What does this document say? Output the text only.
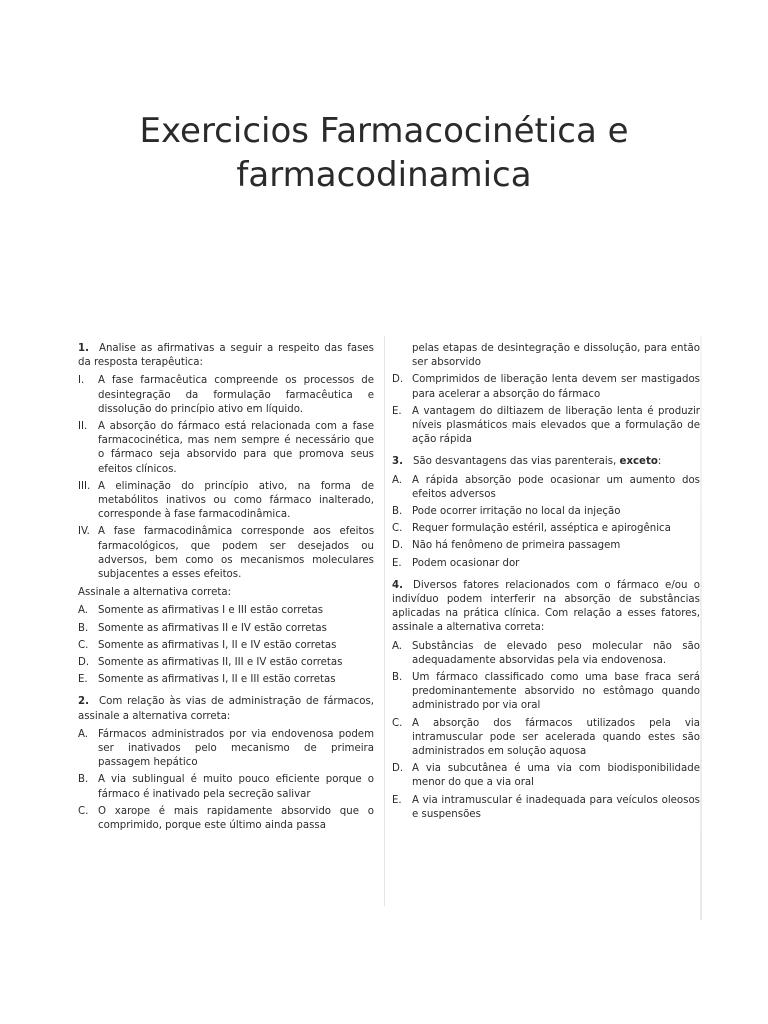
Exercicios Farmacocinética e farmacodinamica
1. Analise as afirmativas a seguir a respeito das fases da resposta terapêutica:
I.	A fase farmacêutica compreende os processos de desintegração da formulação farmacêutica e dissolução do princípio ativo em líquido.
II.	A absorção do fármaco está relacionada com a fase farmacocinética, mas nem sempre é necessário que o fármaco seja absorvido para que promova seus efeitos clínicos.
III. A eliminação do princípio ativo, na forma de metabólitos inativos ou como fármaco inalterado, corresponde à fase farmacodinâmica.
IV. A fase farmacodinâmica corresponde aos efeitos farmacológicos, que podem ser desejados ou adversos, bem como os mecanismos moleculares subjacentes a esses efeitos.
Assinale a alternativa correta:
A. Somente as afirmativas I e III estão corretas
B. Somente as afirmativas II e IV estão corretas
C. Somente as afirmativas I, II e IV estão corretas
D. Somente as afirmativas II, III e IV estão corretas
E.	Somente as afirmativas I, II e III estão corretas
2. Com relação às vias de administração de fármacos, assinale a alternativa correta:
A. Fármacos administrados por via endovenosa podem ser inativados pelo mecanismo de primeira passagem hepático
B. A via sublingual é muito pouco eficiente porque o fármaco é inativado pela secreção salivar
C. O xarope é mais rapidamente absorvido que o comprimido, porque este último ainda passa
pelas etapas de desintegração e dissolução, para então ser absorvido
D. Comprimidos de liberação lenta devem ser mastigados para acelerar a absorção do fármaco
E.	A vantagem do diltiazem de liberação lenta é produzir níveis plasmáticos mais elevados que a formulação de ação rápida
3. São desvantagens das vias parenterais, exceto:
A. A rápida absorção pode ocasionar um aumento dos efeitos adversos
B. Pode ocorrer irritação no local da injeção
C. Requer formulação estéril, asséptica e apirogênica
D. Não há fenômeno de primeira passagem
E.	Podem ocasionar dor
4. Diversos fatores relacionados com o fármaco e/ou o indivíduo podem interferir na absorção de substâncias aplicadas na prática clínica. Com relação a esses fatores, assinale a alternativa correta:
A. Substâncias de elevado peso molecular não são adequadamente absorvidas pela via endovenosa.
B. Um fármaco classificado como uma base fraca será predominantemente absorvido no estômago quando administrado por via oral
C. A absorção dos fármacos utilizados pela via intramuscular pode ser acelerada quando estes são administrados em solução aquosa
D. A via subcutânea é uma via com biodisponibilidade menor do que a via oral
E.	A via intramuscular é inadequada para veículos oleosos e suspensões
